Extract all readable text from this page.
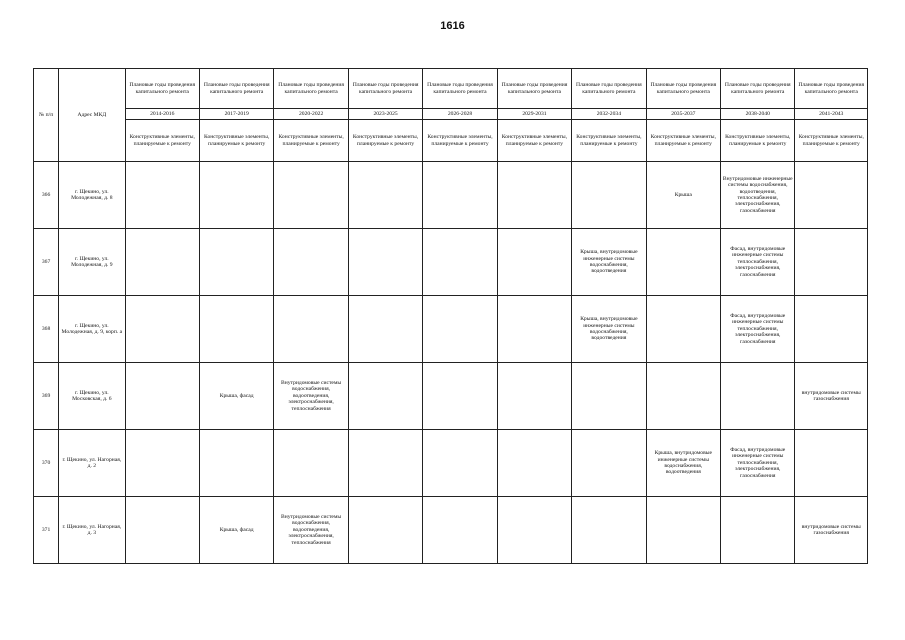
1616
№ п/п	Адрес МКД	Плановые годы проведения капитального ремонта	Плановые годы проведения капитального ремонта	Плановые годы проведения капитального ремонта	Плановые годы проведения капитального ремонта	Плановые годы проведения капитального ремонта	Плановые годы проведения капитального ремонта	Плановые годы проведения капитального ремонта	Плановые годы проведения капитального ремонта	Плановые годы проведения капитального ремонта	Плановые годы проведения капитального ремонта
		2014-2016	2017-2019	2020-2022	2023-2025	2026-2028	2029-2031	2032-2034	2035-2037	2038-2040	2041-2043
		Конструктивные элементы, планируемые к ремонту	Конструктивные элементы, планируемые к ремонту	Конструктивные элементы, планируемые к ремонту	Конструктивные элементы, планируемые к ремонту	Конструктивные элементы, планируемые к ремонту	Конструктивные элементы, планируемые к ремонту	Конструктивные элементы, планируемые к ремонту	Конструктивные элементы, планируемые к ремонту	Конструктивные элементы, планируемые к ремонту	Конструктивные элементы, планируемые к ремонту
366	г. Щекино, ул. Молодежная, д. 8								Крыша	Внутридомовые инженерные системы водоснабжения, водоотведения, теплоснабжения, электроснабжения, газоснабжения	
367	г. Щекино, ул. Молодежная, д. 9							Крыша, внутридомовые инженерные системы водоснабжения, водоотведения		Фасад, внутридомовые инженерные системы теплоснабжения, электроснабжения, газоснабжения	
368	г. Щекино, ул. Молодежная, д. 9, корп. а							Крыша, внутридомовые инженерные системы водоснабжения, водоотведения		Фасад, внутридомовые инженерные системы теплоснабжения, электроснабжения, газоснабжения	
369	г. Щекино, ул. Московская, д. 6		Крыша, фасад	Внутридомовые системы водоснабжения, водоотведения, электроснабжения, теплоснабжения							внутридомовые системы газоснабжения
370	г. Щекино, ул. Нагорная, д. 2								Крыша, внутридомовые инженерные системы водоснабжения, водоотведения	Фасад, внутридомовые инженерные системы теплоснабжения, электроснабжения, газоснабжения	
371	г. Щекино, ул. Нагорная, д. 3		Крыша, фасад	Внутридомовые системы водоснабжения, водоотведения, электроснабжения, теплоснабжения							внутридомовые системы газоснабжения
